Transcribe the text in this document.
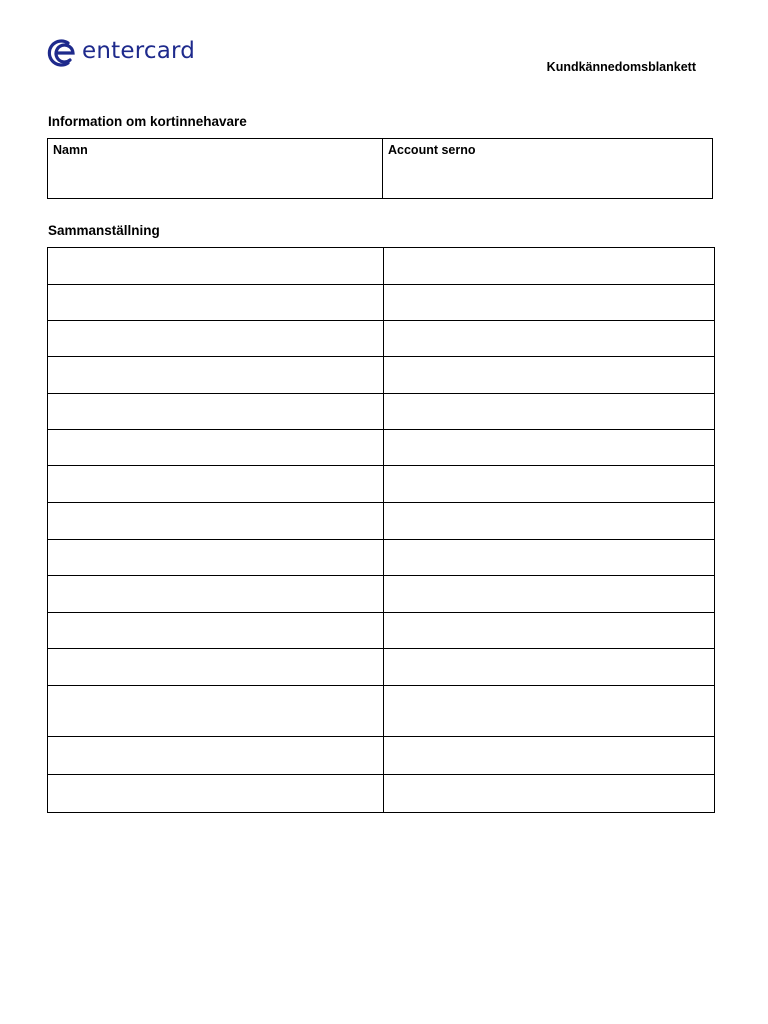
entercard
Kundkännedomsblankett
Information om kortinnehavare
Namn	Account serno
Sammanställning
